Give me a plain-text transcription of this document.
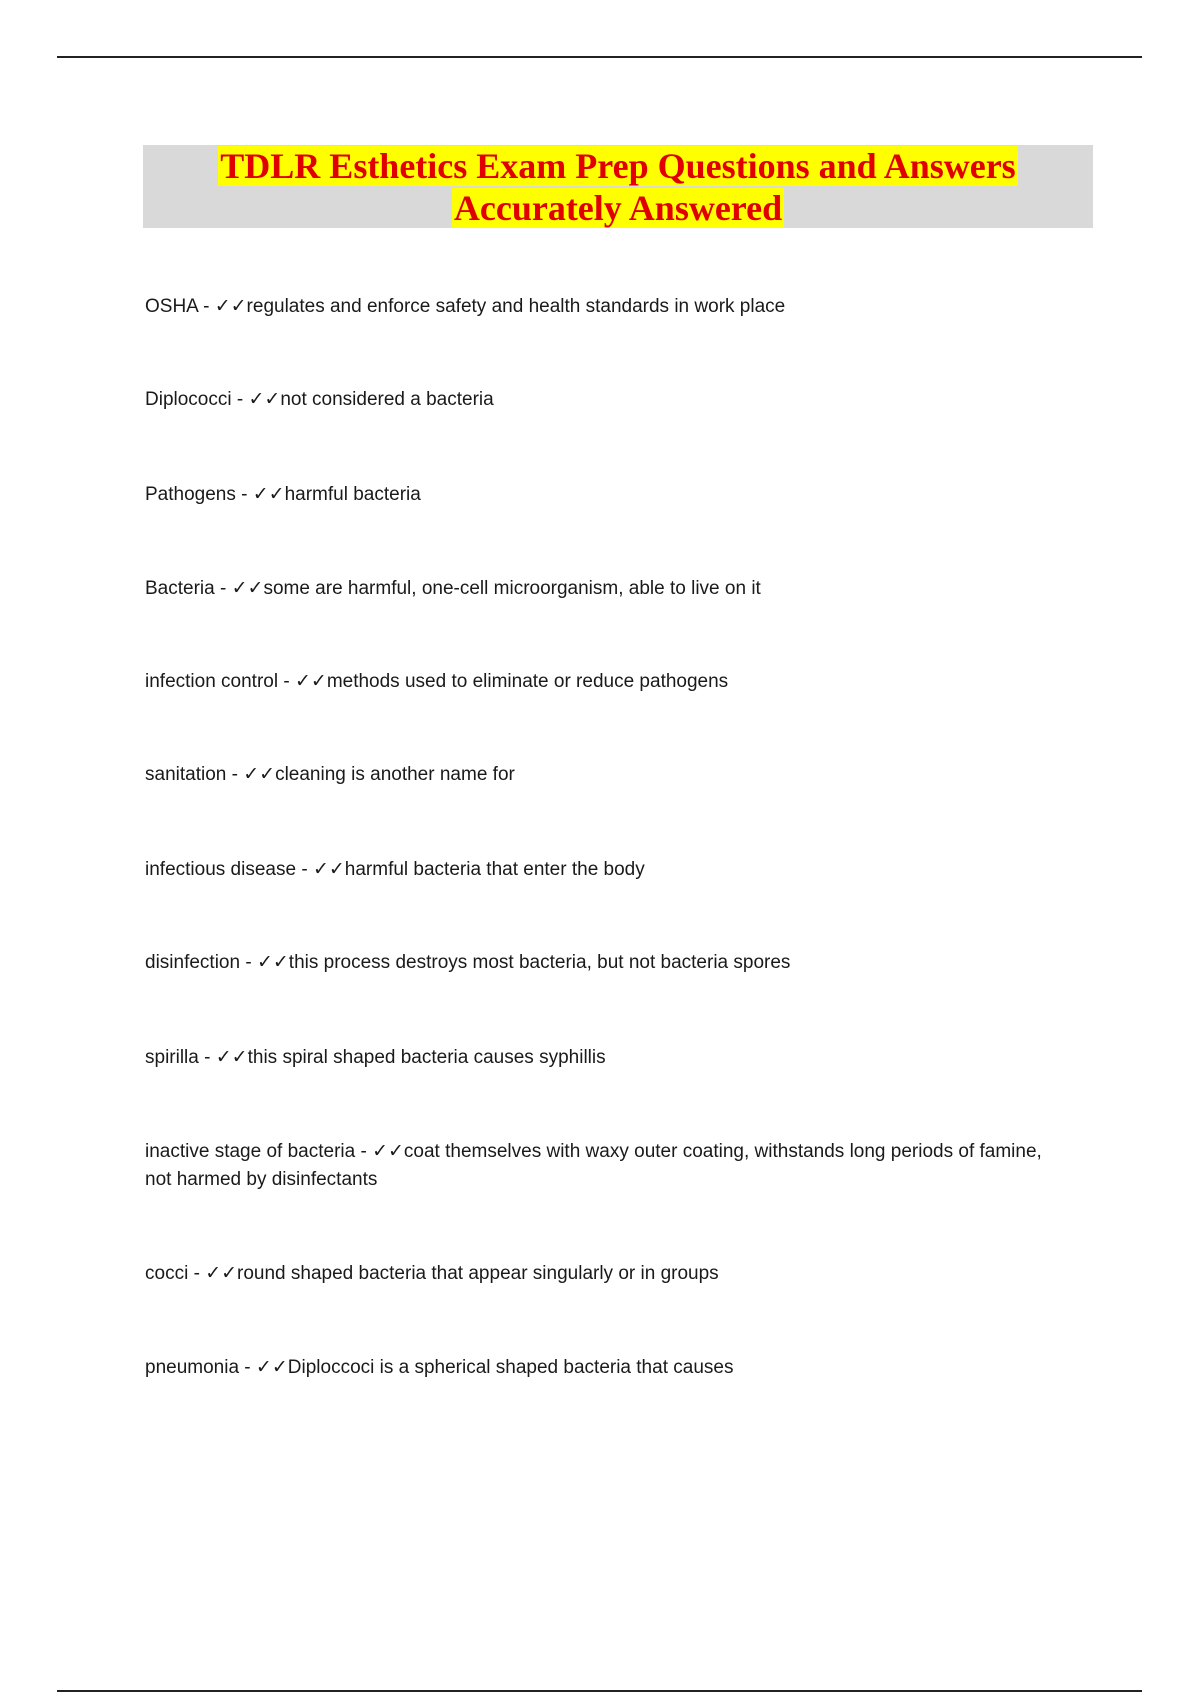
TDLR Esthetics Exam Prep Questions and Answers
Accurately Answered
OSHA - ✓✓regulates and enforce safety and health standards in work place
Diplococci - ✓✓not considered a bacteria
Pathogens - ✓✓harmful bacteria
Bacteria - ✓✓some are harmful, one-cell microorganism, able to live on it
infection control - ✓✓methods used to eliminate or reduce pathogens
sanitation - ✓✓cleaning is another name for
infectious disease - ✓✓harmful bacteria that enter the body
disinfection - ✓✓this process destroys most bacteria, but not bacteria spores
spirilla - ✓✓this spiral shaped bacteria causes syphillis
inactive stage of bacteria - ✓✓coat themselves with waxy outer coating, withstands long periods of famine, not harmed by disinfectants
cocci - ✓✓round shaped bacteria that appear singularly or in groups
pneumonia - ✓✓Diploccoci is a spherical shaped bacteria that causes
